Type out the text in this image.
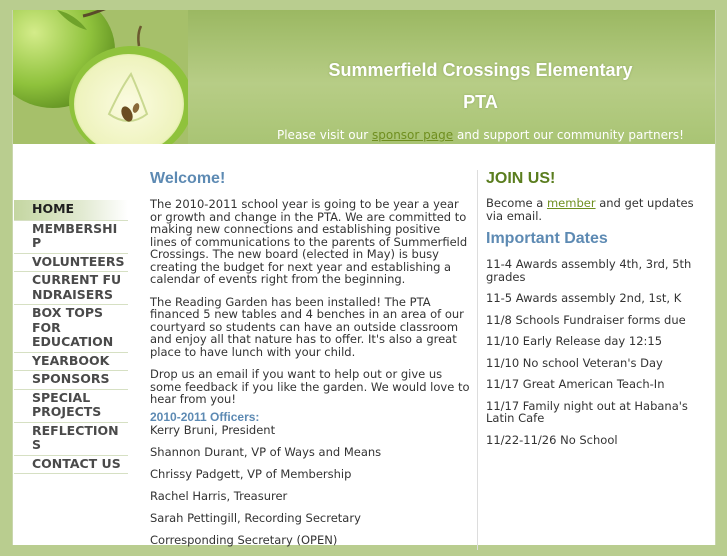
Summerfield Crossings Elementary
PTA
Please visit our sponsor page and support our community partners!
HOME
MEMBERSHIP
VOLUNTEERS
CURRENT FUNDRAISERS
BOX TOPS FOR EDUCATION
YEARBOOK
SPONSORS
SPECIAL PROJECTS
REFLECTIONS
CONTACT US
Welcome!

The 2010-2011 school year is going to be year a year or growth and change in the PTA. We are committed to making new connections and establishing positive lines of communications to the parents of Summerfield Crossings. The new board (elected in May) is busy creating the budget for next year and establishing a calendar of events right from the beginning.

The Reading Garden has been installed! The PTA financed 5 new tables and 4 benches in an area of our courtyard so students can have an outside classroom and enjoy all that nature has to offer. It's also a great place to have lunch with your child.

Drop us an email if you want to help out or give us some feedback if you like the garden. We would love to hear from you!

2010-2011 Officers:
Kerry Bruni, President
Shannon Durant, VP of Ways and Means
Chrissy Padgett, VP of Membership
Rachel Harris, Treasurer
Sarah Pettingill, Recording Secretary
Corresponding Secretary (OPEN)
JOIN US!

Become a member and get updates via email.

Important Dates
11-4 Awards assembly 4th, 3rd, 5th grades
11-5 Awards assembly 2nd, 1st, K
11/8 Schools Fundraiser forms due
11/10 Early Release day 12:15
11/10 No school Veteran's Day
11/17 Great American Teach-In
11/17 Family night out at Habana's Latin Cafe
11/22-11/26 No School
